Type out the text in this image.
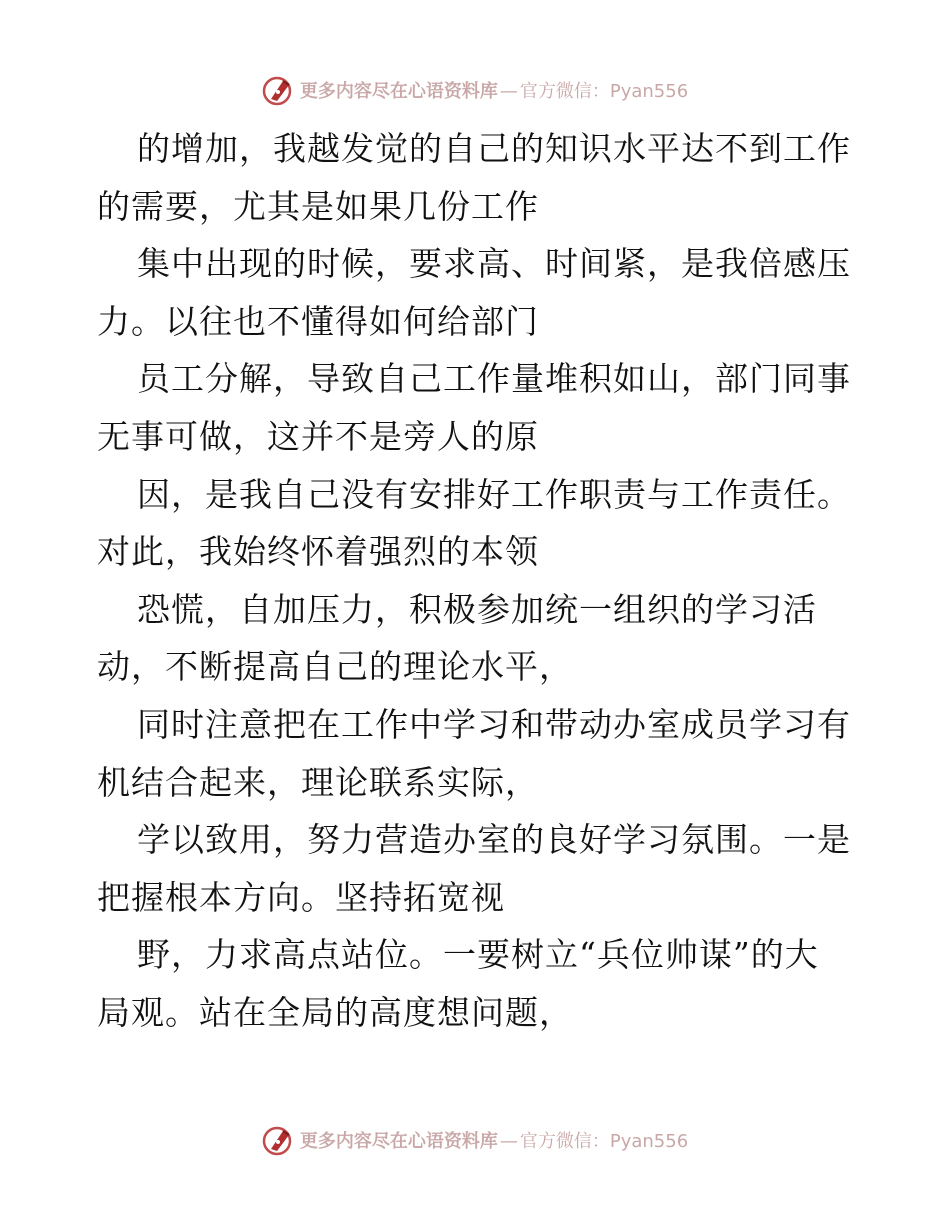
更多内容尽在心语资料库 — 官方微信：Pyan556

的增加，我越发觉的自己的知识水平达不到工作
的需要，尤其是如果几份工作

集中出现的时候，要求高、时间紧，是我倍感压
力。以往也不懂得如何给部门

员工分解，导致自己工作量堆积如山，部门同事
无事可做，这并不是旁人的原

因，是我自己没有安排好工作职责与工作责任。
对此，我始终怀着强烈的本领

恐慌，自加压力，积极参加统一组织的学习活
动，不断提高自己的理论水平，

同时注意把在工作中学习和带动办室成员学习有
机结合起来，理论联系实际，

学以致用，努力营造办室的良好学习氛围。一是
把握根本方向。坚持拓宽视

野，力求高点站位。一要树立“兵位帅谋”的大
局观。站在全局的高度想问题，

更多内容尽在心语资料库 — 官方微信：Pyan556
